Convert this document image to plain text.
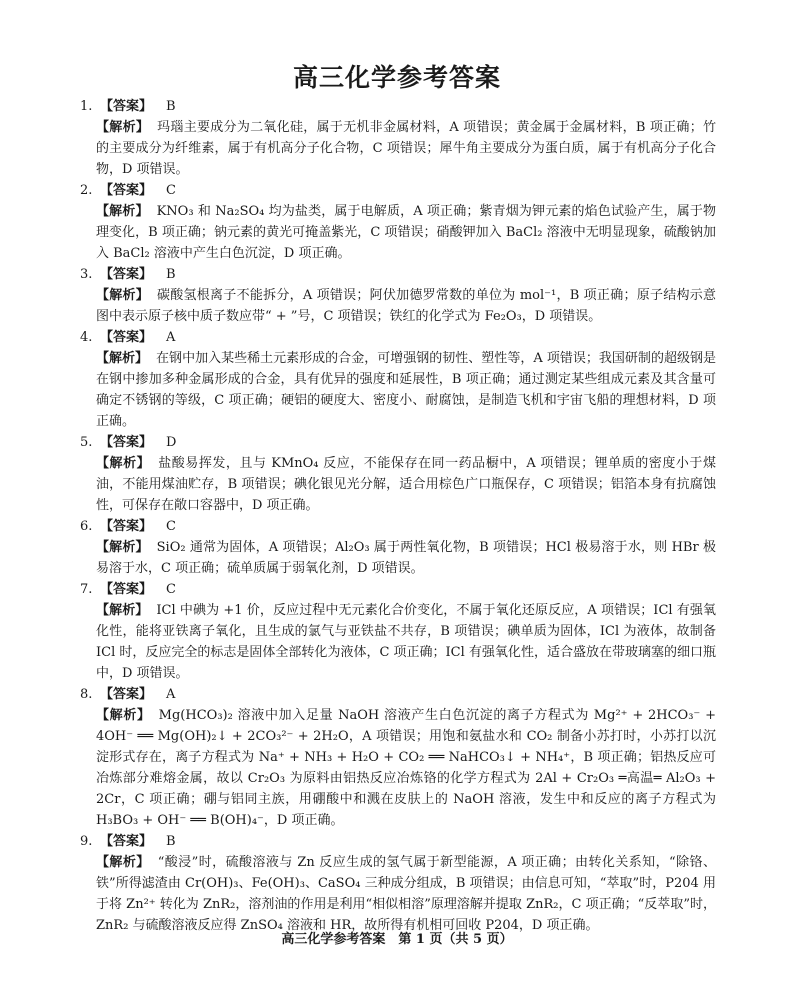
高三化学参考答案
1. 【答案】 B
【解析】 玛瑙主要成分为二氧化硅，属于无机非金属材料，A 项错误；黄金属于金属材料，B 项正确；竹的主要成分为纤维素，属于有机高分子化合物，C 项错误；犀牛角主要成分为蛋白质，属于有机高分子化合物，D 项错误。
2. 【答案】 C
【解析】 KNO₃ 和 Na₂SO₄ 均为盐类，属于电解质，A 项正确；紫青烟为钾元素的焰色试验产生，属于物理变化，B 项正确；钠元素的黄光可掩盖紫光，C 项错误；硝酸钾加入 BaCl₂ 溶液中无明显现象，硫酸钠加入 BaCl₂ 溶液中产生白色沉淀，D 项正确。
3. 【答案】 B
【解析】 碳酸氢根离子不能拆分，A 项错误；阿伏加德罗常数的单位为 mol⁻¹，B 项正确；原子结构示意图中表示原子核中质子数应带“ + ”号，C 项错误；铁红的化学式为 Fe₂O₃，D 项错误。
4. 【答案】 A
【解析】 在钢中加入某些稀土元素形成的合金，可增强钢的韧性、塑性等，A 项错误；我国研制的超级钢是在钢中掺加多种金属形成的合金，具有优异的强度和延展性，B 项正确；通过测定某些组成元素及其含量可确定不锈钢的等级，C 项正确；硬铝的硬度大、密度小、耐腐蚀，是制造飞机和宇宙飞船的理想材料，D 项正确。
5. 【答案】 D
【解析】 盐酸易挥发，且与 KMnO₄ 反应，不能保存在同一药品橱中，A 项错误；锂单质的密度小于煤油，不能用煤油贮存，B 项错误；碘化银见光分解，适合用棕色广口瓶保存，C 项错误；铝箔本身有抗腐蚀性，可保存在敞口容器中，D 项正确。
6. 【答案】 C
【解析】 SiO₂ 通常为固体，A 项错误；Al₂O₃ 属于两性氧化物，B 项错误；HCl 极易溶于水，则 HBr 极易溶于水，C 项正确；硫单质属于弱氧化剂，D 项错误。
7. 【答案】 C
【解析】 ICl 中碘为 +1 价，反应过程中无元素化合价变化，不属于氧化还原反应，A 项错误；ICl 有强氧化性，能将亚铁离子氧化，且生成的氯气与亚铁盐不共存，B 项错误；碘单质为固体，ICl 为液体，故制备 ICl 时，反应完全的标志是固体全部转化为液体，C 项正确；ICl 有强氧化性，适合盛放在带玻璃塞的细口瓶中，D 项错误。
8. 【答案】 A
【解析】 Mg(HCO₃)₂ 溶液中加入足量 NaOH 溶液产生白色沉淀的离子方程式为 Mg²⁺ + 2HCO₃⁻ + 4OH⁻ ══ Mg(OH)₂↓ + 2CO₃²⁻ + 2H₂O，A 项错误；用饱和氨盐水和 CO₂ 制备小苏打时，小苏打以沉淀形式存在，离子方程式为 Na⁺ + NH₃ + H₂O + CO₂ ══ NaHCO₃↓ + NH₄⁺，B 项正确；铝热反应可冶炼部分难熔金属，故以 Cr₂O₃ 为原料由铝热反应冶炼铬的化学方程式为 2Al + Cr₂O₃ ═高温═ Al₂O₃ + 2Cr，C 项正确；硼与铝同主族，用硼酸中和溅在皮肤上的 NaOH 溶液，发生中和反应的离子方程式为 H₃BO₃ + OH⁻ ══ B(OH)₄⁻，D 项正确。
9. 【答案】 B
【解析】 “酸浸”时，硫酸溶液与 Zn 反应生成的氢气属于新型能源，A 项正确；由转化关系知，“除铬、铁”所得滤渣由 Cr(OH)₃、Fe(OH)₃、CaSO₄ 三种成分组成，B 项错误；由信息可知，“萃取”时，P204 用于将 Zn²⁺ 转化为 ZnR₂，溶剂油的作用是利用“相似相溶”原理溶解并提取 ZnR₂，C 项正确；“反萃取”时，ZnR₂ 与硫酸溶液反应得 ZnSO₄ 溶液和 HR，故所得有机相可回收 P204，D 项正确。
高三化学参考答案　第 1 页（共 5 页）
